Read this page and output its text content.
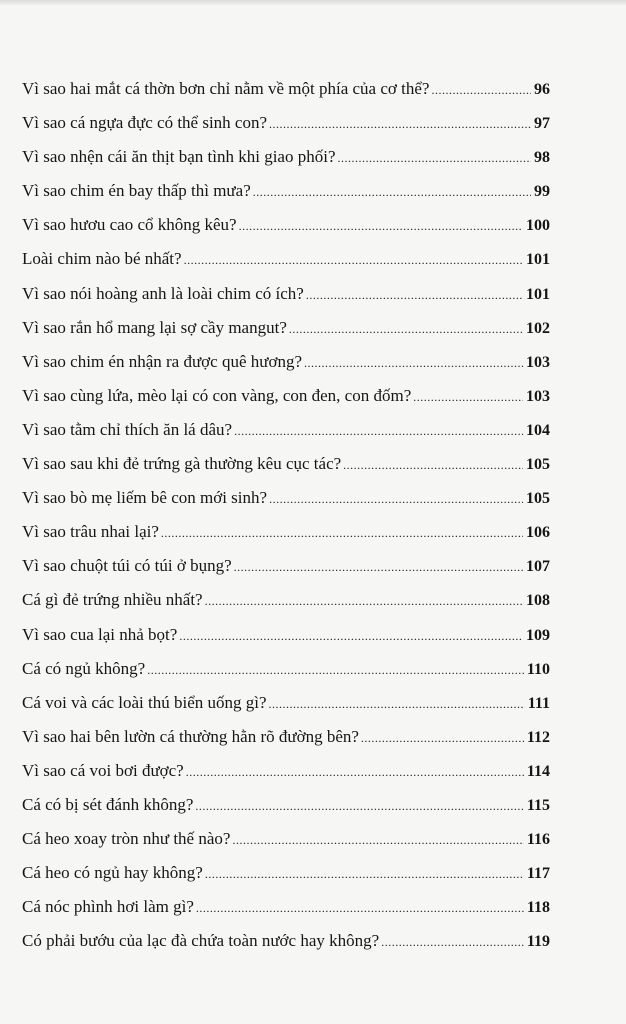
Vì sao hai mắt cá thờn bơn chỉ nằm về một phía của cơ thể? .....	96
Vì sao cá ngựa đực có thể sinh con? .....	97
Vì sao nhện cái ăn thịt bạn tình khi giao phối? .....	98
Vì sao chim én bay thấp thì mưa? .....	99
Vì sao hươu cao cổ không kêu? .....	100
Loài chim nào bé nhất? .....	101
Vì sao nói hoàng anh là loài chim có ích? .....	101
Vì sao rắn hổ mang lại sợ cầy mangut? .....	102
Vì sao chim én nhận ra được quê hương? .....	103
Vì sao cùng lứa, mèo lại có con vàng, con đen, con đốm? .....	103
Vì sao tằm chỉ thích ăn lá dâu? .....	104
Vì sao sau khi đẻ trứng gà thường kêu cục tác? .....	105
Vì sao bò mẹ liếm bê con mới sinh? .....	105
Vì sao trâu nhai lại? .....	106
Vì sao chuột túi có túi ở bụng? .....	107
Cá gì đẻ trứng nhiều nhất? .....	108
Vì sao cua lại nhả bọt? .....	109
Cá có ngủ không? .....	110
Cá voi và các loài thú biển uống gì? .....	111
Vì sao hai bên lườn cá thường hằn rõ đường bên? .....	112
Vì sao cá voi bơi được? .....	114
Cá có bị sét đánh không? .....	115
Cá heo xoay tròn như thế nào? .....	116
Cá heo có ngủ hay không? .....	117
Cá nóc phình hơi làm gì? .....	118
Có phải bướu của lạc đà chứa toàn nước hay không? .....	119
